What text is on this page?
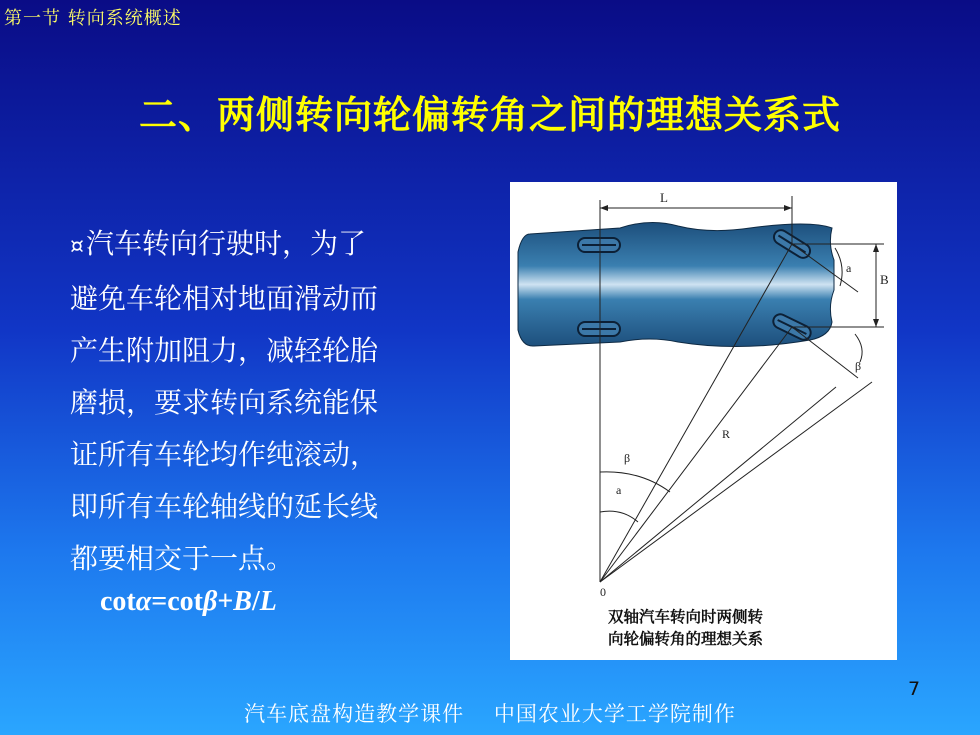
第一节 转向系统概述
二、两侧转向轮偏转角之间的理想关系式
¤汽车转向行驶时，为了
避免车轮相对地面滑动而
产生附加阻力，减轻轮胎
磨损，要求转向系统能保
证所有车轮均作纯滚动，
即所有车轮轴线的延长线
都要相交于一点。
cotα=cotβ+B/L
L
B
a
β
R
β
a
0
双轴汽车转向时两侧转
向轮偏转角的理想关系
7
汽车底盘构造教学课件　 中国农业大学工学院制作
